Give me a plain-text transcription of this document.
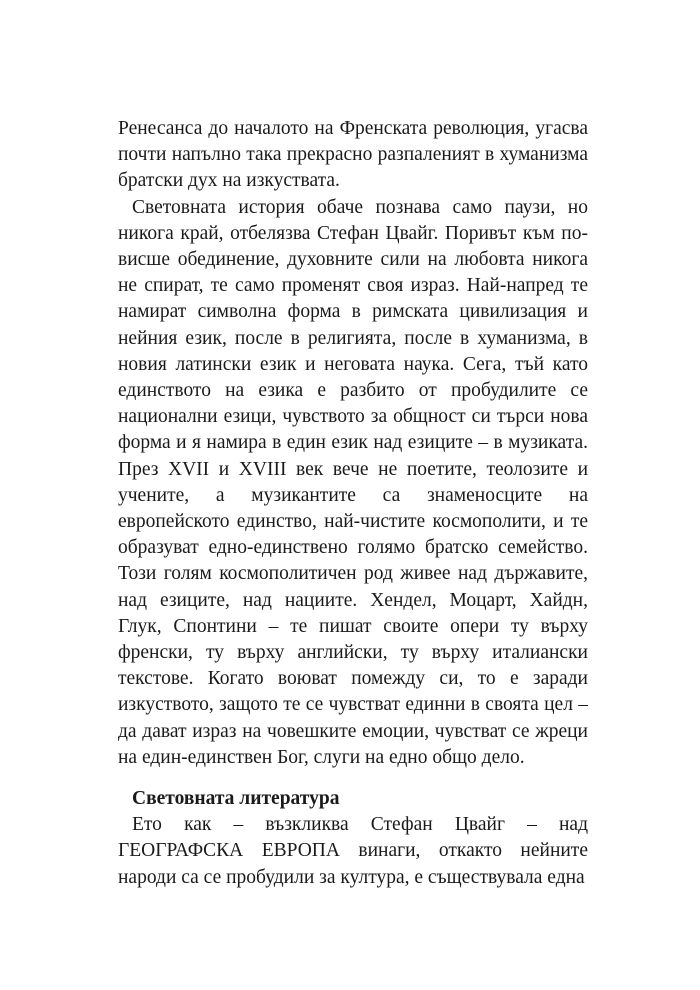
Ренесанса до началото на Френската революция, угасва почти напълно така прекрасно разпаленият в хуманизма братски дух на изкуствата.

Световната история обаче познава само паузи, но никога край, отбелязва Стефан Цвайг. Поривът към по-висше обединение, духовните сили на любовта никога не спират, те само променят своя израз. Най-напред те намират символна форма в римската цивилизация и нейния език, после в религията, после в хуманизма, в новия латински език и неговата наука. Сега, тъй като единството на езика е разбито от пробудилите се национални езици, чувството за общност си търси нова форма и я намира в един език над езиците – в музиката. През XVII и XVIII век вече не поетите, теолозите и учените, а музикантите са знаменосците на европейското единство, най-чистите космополити, и те образуват едно-единствено голямо братско семейство. Този голям космополитичен род живее над държавите, над езиците, над нациите. Хендел, Моцарт, Хайдн, Глук, Спонтини – те пишат своите опери ту върху френски, ту върху английски, ту върху италиански текстове. Когато воюват помежду си, то е заради изкуството, защото те се чувстват единни в своята цел – да дават израз на човешките емоции, чувстват се жреци на един-единствен Бог, слуги на едно общо дело.

Световната литература

Ето как – възкликва Стефан Цвайг – над ГЕОГРАФСКА ЕВРОПА винаги, откакто нейните народи са се пробудили за култура, е съществувала една
